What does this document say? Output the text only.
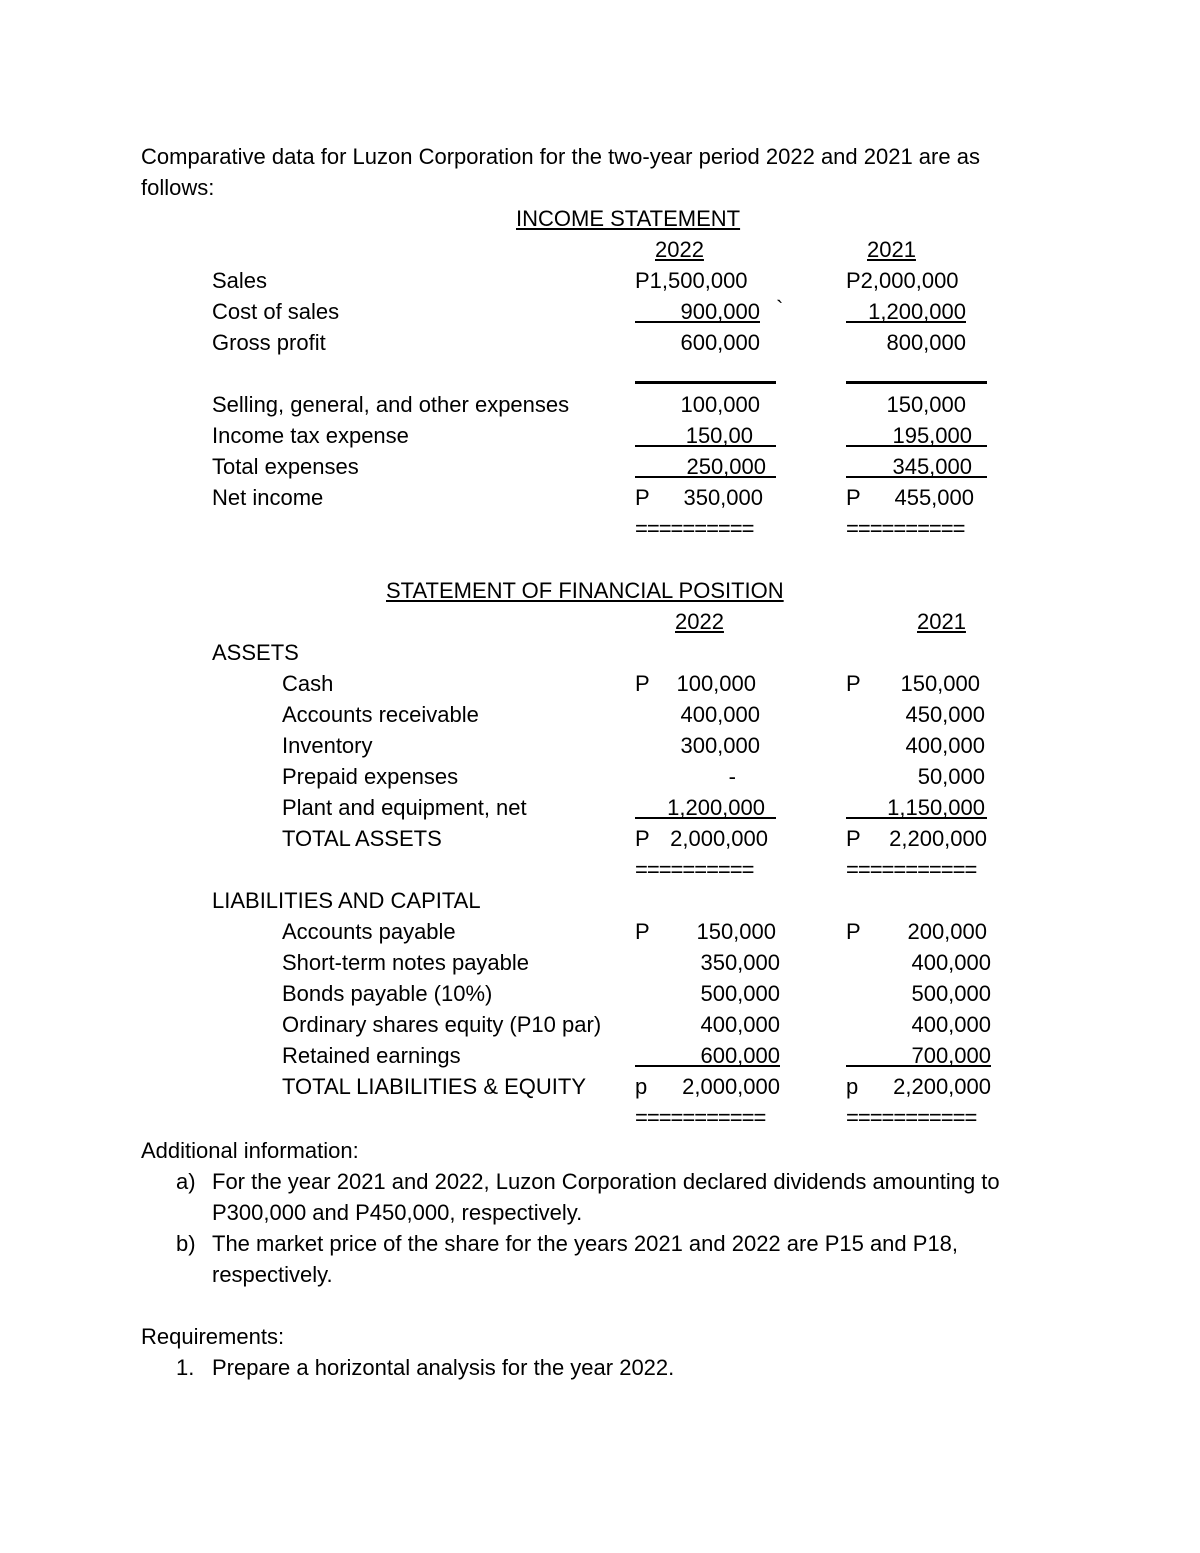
Comparative data for Luzon Corporation for the two-year period 2022 and 2021 are as
follows:
INCOME STATEMENT
2022	2021
Sales	P1,500,000	P2,000,000
Cost of sales	900,000 `	1,200,000
Gross profit	600,000	800,000
Selling, general, and other expenses	100,000	150,000
Income tax expense	150,00	195,000
Total expenses	250,000	345,000
Net income	P	350,000	P	455,000
==========	==========
STATEMENT OF FINANCIAL POSITION
2022	2021
ASSETS
Cash	P	100,000	P	150,000
Accounts receivable	400,000	450,000
Inventory	300,000	400,000
Prepaid expenses	-	50,000
Plant and equipment, net	1,200,000	1,150,000
TOTAL ASSETS	P 2,000,000	P	2,200,000
==========	===========
LIABILITIES AND CAPITAL
Accounts payable	P	150,000	P	200,000
Short-term notes payable	350,000	400,000
Bonds payable (10%)	500,000	500,000
Ordinary shares equity (P10 par)	400,000	400,000
Retained earnings	600,000	700,000
TOTAL LIABILITIES & EQUITY p	2,000,000	p	2,200,000
===========	===========
Additional information:
a) For the year 2021 and 2022, Luzon Corporation declared dividends amounting to
P300,000 and P450,000, respectively.
b) The market price of the share for the years 2021 and 2022 are P15 and P18,
respectively.
Requirements:
1. Prepare a horizontal analysis for the year 2022.
